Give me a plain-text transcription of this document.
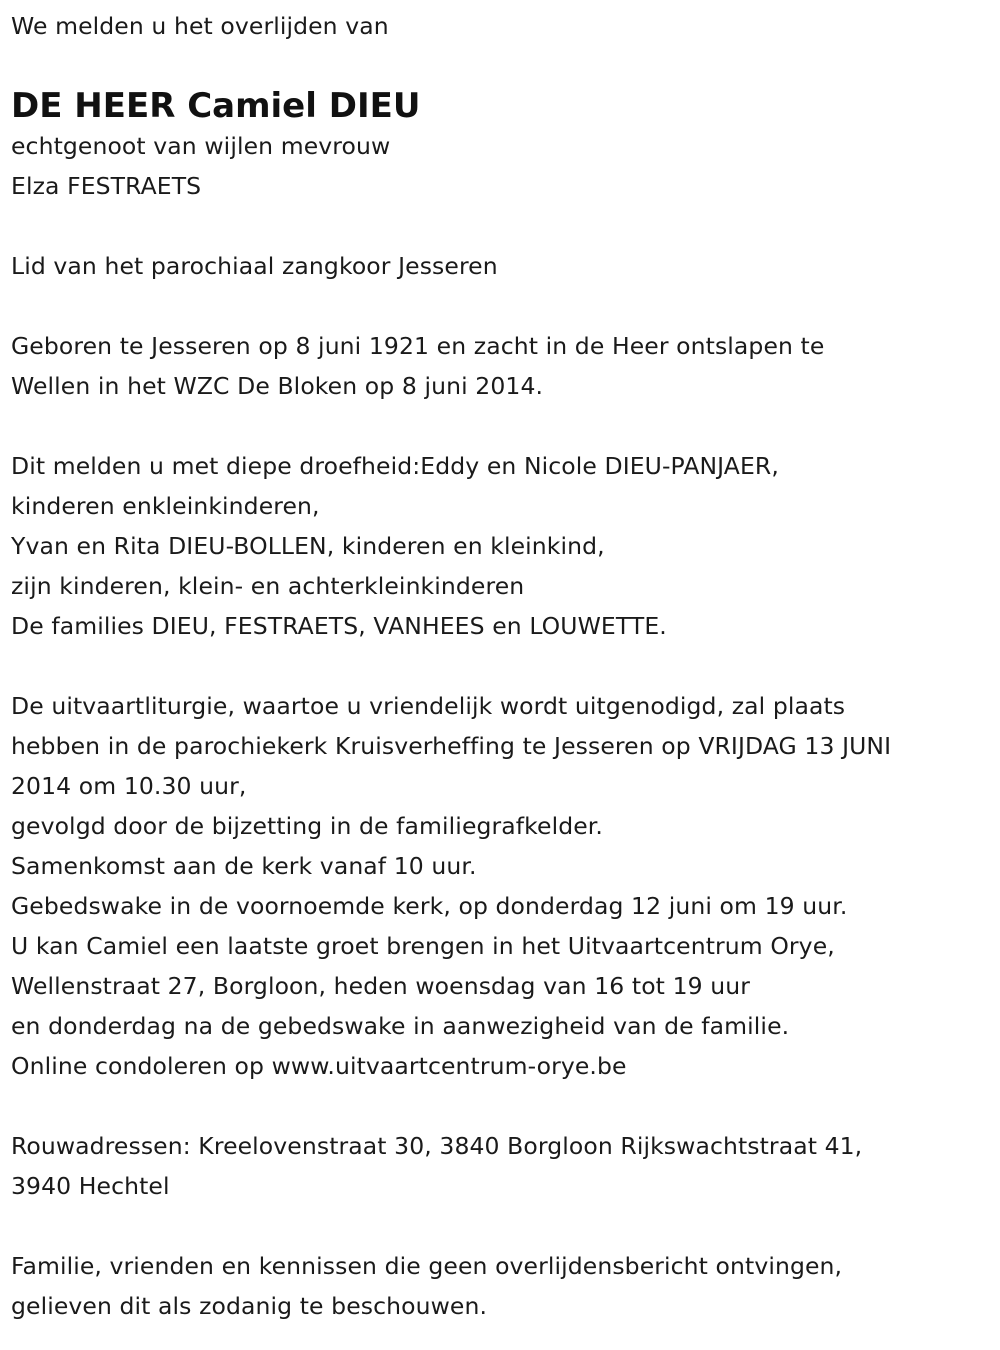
We melden u het overlijden van
DE HEER Camiel DIEU
echtgenoot van wijlen mevrouw
Elza FESTRAETS
Lid van het parochiaal zangkoor Jesseren
Geboren te Jesseren op 8 juni 1921 en zacht in de Heer ontslapen te
Wellen in het WZC De Bloken op 8 juni 2014.
Dit melden u met diepe droefheid:Eddy en Nicole DIEU-PANJAER,
kinderen enkleinkinderen,
Yvan en Rita DIEU-BOLLEN, kinderen en kleinkind,
zijn kinderen, klein- en achterkleinkinderen
De families DIEU, FESTRAETS, VANHEES en LOUWETTE.
De uitvaartliturgie, waartoe u vriendelijk wordt uitgenodigd, zal plaats
hebben in de parochiekerk Kruisverheffing te Jesseren op VRIJDAG 13 JUNI
2014 om 10.30 uur,
gevolgd door de bijzetting in de familiegrafkelder.
Samenkomst aan de kerk vanaf 10 uur.
Gebedswake in de voornoemde kerk, op donderdag 12 juni om 19 uur.
U kan Camiel een laatste groet brengen in het Uitvaartcentrum Orye,
Wellenstraat 27, Borgloon, heden woensdag van 16 tot 19 uur
en donderdag na de gebedswake in aanwezigheid van de familie.
Online condoleren op www.uitvaartcentrum-orye.be
Rouwadressen: Kreelovenstraat 30, 3840 Borgloon Rijkswachtstraat 41,
3940 Hechtel
Familie, vrienden en kennissen die geen overlijdensbericht ontvingen,
gelieven dit als zodanig te beschouwen.
